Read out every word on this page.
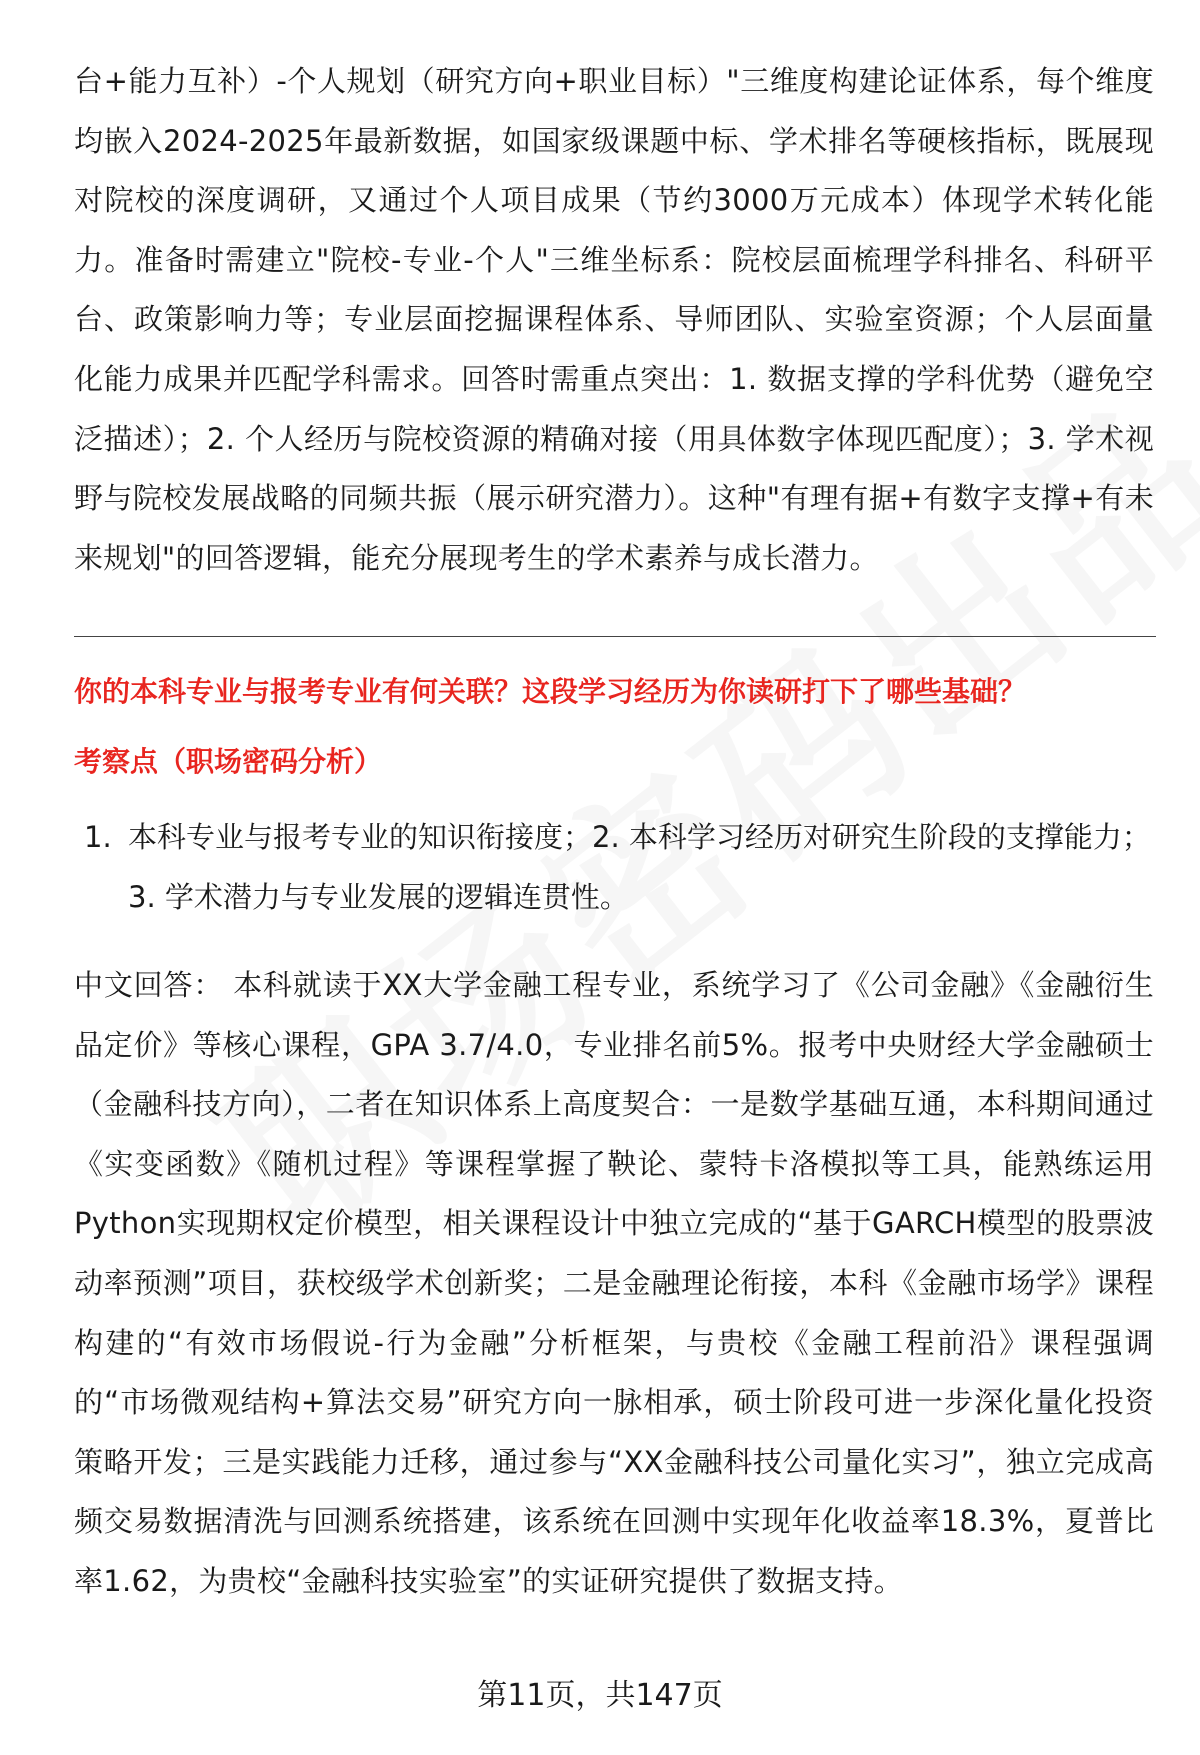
台+能力互补）-个人规划（研究方向+职业目标）"三维度构建论证体系，每个维度均嵌入2024-2025年最新数据，如国家级课题中标、学术排名等硬核指标，既展现对院校的深度调研，又通过个人项目成果（节约3000万元成本）体现学术转化能力。准备时需建立"院校-专业-个人"三维坐标系：院校层面梳理学科排名、科研平台、政策影响力等；专业层面挖掘课程体系、导师团队、实验室资源；个人层面量化能力成果并匹配学科需求。回答时需重点突出：1. 数据支撑的学科优势（避免空泛描述）；2. 个人经历与院校资源的精确对接（用具体数字体现匹配度）；3. 学术视野与院校发展战略的同频共振（展示研究潜力）。这种"有理有据+有数字支撑+有未来规划"的回答逻辑，能充分展现考生的学术素养与成长潜力。

你的本科专业与报考专业有何关联？这段学习经历为你读研打下了哪些基础？
考察点（职场密码分析）
1. 本科专业与报考专业的知识衔接度；2. 本科学习经历对研究生阶段的支撑能力；3. 学术潜力与专业发展的逻辑连贯性。

中文回答： 本科就读于XX大学金融工程专业，系统学习了《公司金融》《金融衍生品定价》等核心课程，GPA 3.7/4.0，专业排名前5%。报考中央财经大学金融硕士（金融科技方向），二者在知识体系上高度契合：一是数学基础互通，本科期间通过《实变函数》《随机过程》等课程掌握了鞅论、蒙特卡洛模拟等工具，能熟练运用Python实现期权定价模型，相关课程设计中独立完成的“基于GARCH模型的股票波动率预测”项目，获校级学术创新奖；二是金融理论衔接，本科《金融市场学》课程构建的“有效市场假说-行为金融”分析框架，与贵校《金融工程前沿》课程强调的“市场微观结构+算法交易”研究方向一脉相承，硕士阶段可进一步深化量化投资策略开发；三是实践能力迁移，通过参与“XX金融科技公司量化实习”，独立完成高频交易数据清洗与回测系统搭建，该系统在回测中实现年化收益率18.3%，夏普比率1.62，为贵校“金融科技实验室”的实证研究提供了数据支持。

第11页，共147页
